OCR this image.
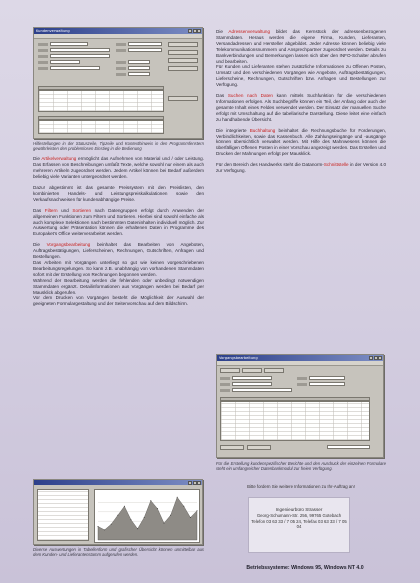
Kundenverwaltung

Hilfestellungen in der Statuszeile, Tipzeile und Kontexthinweis in den Programmfenstern gewährleisten den problemlosen Einstieg in die Bedienung

Die Artikelverwaltung ermöglicht das Aufnehmen von Material und / oder Leistung. Das Erfassen von Beschreibungen umfaßt Texte, welche sowohl nur einem als auch mehreren Artikeln zugeordnet werden. Jedem Artikel können bei Bedarf außerdem beliebig viele Varianten untergeordnet werden.

Dazu! abgestimmt ist das gesamte Preissystem mit den Preislisten, den kombinierten Handels- und Leistungspreiskalkulationen sowie den Verkaufsnachweisen für kundenabhängige Preise.

Das Filtern und Sortieren nach Datengruppen erfolgt durch Anwenden der allgemeinen Funktionen zum Filtern und Sortieren. Hierbei sind sowohl einfache als auch komplexe Selektionen nach bestimmten Dateninhalten individuell möglich. Zur Auswertung oder Präsentation können die erhaltenen Daten in Programme des Europaket's Office weiterverarbeitet werden.

Die Vorgangsbearbeitung beinhaltet das Bearbeiten von Angeboten, Auftragsbestätigungen, Lieferscheinen, Rechnungen, Gutschriften, Anfragen und Bestellungen.

Das Arbeiten mit Vorgängen unterliegt so gut wie keinen vorgeschriebenen Bearbeitungsregelungen. So kann z.B. unabhängig von vorhandenen Stammdaten sofort mit der Erstellung von Rechnungen begonnen werden.

Während der Bearbeitung werden die fehlenden oder unbedingt notwendigen Stammdaten ergänzt. Detailinformationen aus Vorgängen werden bei Bedarf per Mausklick abgerufen.

Vor dem Drucken von Vorgängen besteht die Möglichkeit der Auswahl der geeigneten Formulargestaltung und der Seitenvorschau auf dem Bildschirm.

Diverse Auswertungen in Tabellenform und grafischer Übersicht können unmittelbar aus dem Kunden- und Lieferantenstamm aufgerufen werden.

Die Adressenverwaltung bildet das Kernstück der adressenbezogenen Stammdaten. Heraus werden die eigene Firma, Kunden, Lieferanten, Versandadressen und Hersteller abgebildet. Jeder Adresse können beliebig viele Telekommunikationsnummern und Ansprechpartner zugeordnet werden. Details zu Bankverbindungen und Bemerkungen lassen sich über den INFO-Schalter abrufen und bearbeiten.

Für Kunden und Lieferanten stehen zusätzliche Informationen zu Offenen Posten, Umsatz und den verschiedenen Vorgängen wie Angebote, Auftragsbestätigungen, Lieferscheine, Rechnungen, Gutschriften bzw. Anfragen und Bestellungen zur Verfügung.

Das Suchen nach Daten kann mittels Suchfunktion für die verschiedenen Informationen erfolgen. Als Suchbegriffe können ein Teil, der Anfang oder auch der gesamte Inhalt eines Feldes verwendet werden. Der Einsatz der manuellen Suche erfolgt mit Umschaltung auf die tabellarische Darstellung. Diese leitet eine einfach zu handhabende Übersicht.

Die integrierte Buchhaltung beinhaltet die Rechnungsbuche für Forderungen, Verbindlichkeiten, sowie das Kassenbuch. Alle Zahlungseingänge und -ausgänge können übersichtlich verwaltet werden. Mit Hilfe des Mahnwesens können die überfälligen Offenen Posten in einer Vorschau angezeigt werden. Das Erstellen und Drucken der Mahnungen erfolgt per Mausklick.

Für den Bereich des Handwerks steht die Datanorm-Schnittstelle in der Version 4.0 zur Verfügung.

Vorgangsbearbeitung
Für die Erstellung kundenspezifischer Berichte und den Ausdruck der einzelnen Formulare steht ein umfangreicher Datenbankmodul zur freien Verfügung.
Bitte fordern Sie weitere Informationen zu Ihr-Auftrag an!
Ingenieurbüro Strasser
Georg-Schumann-Str. 256, 99765 Gotebach
Telefon 03 63 33 / 7 05 24, Telefax 03 63 33 / 7 05 04
Betriebssysteme: Windows 95, Windows NT 4.0
